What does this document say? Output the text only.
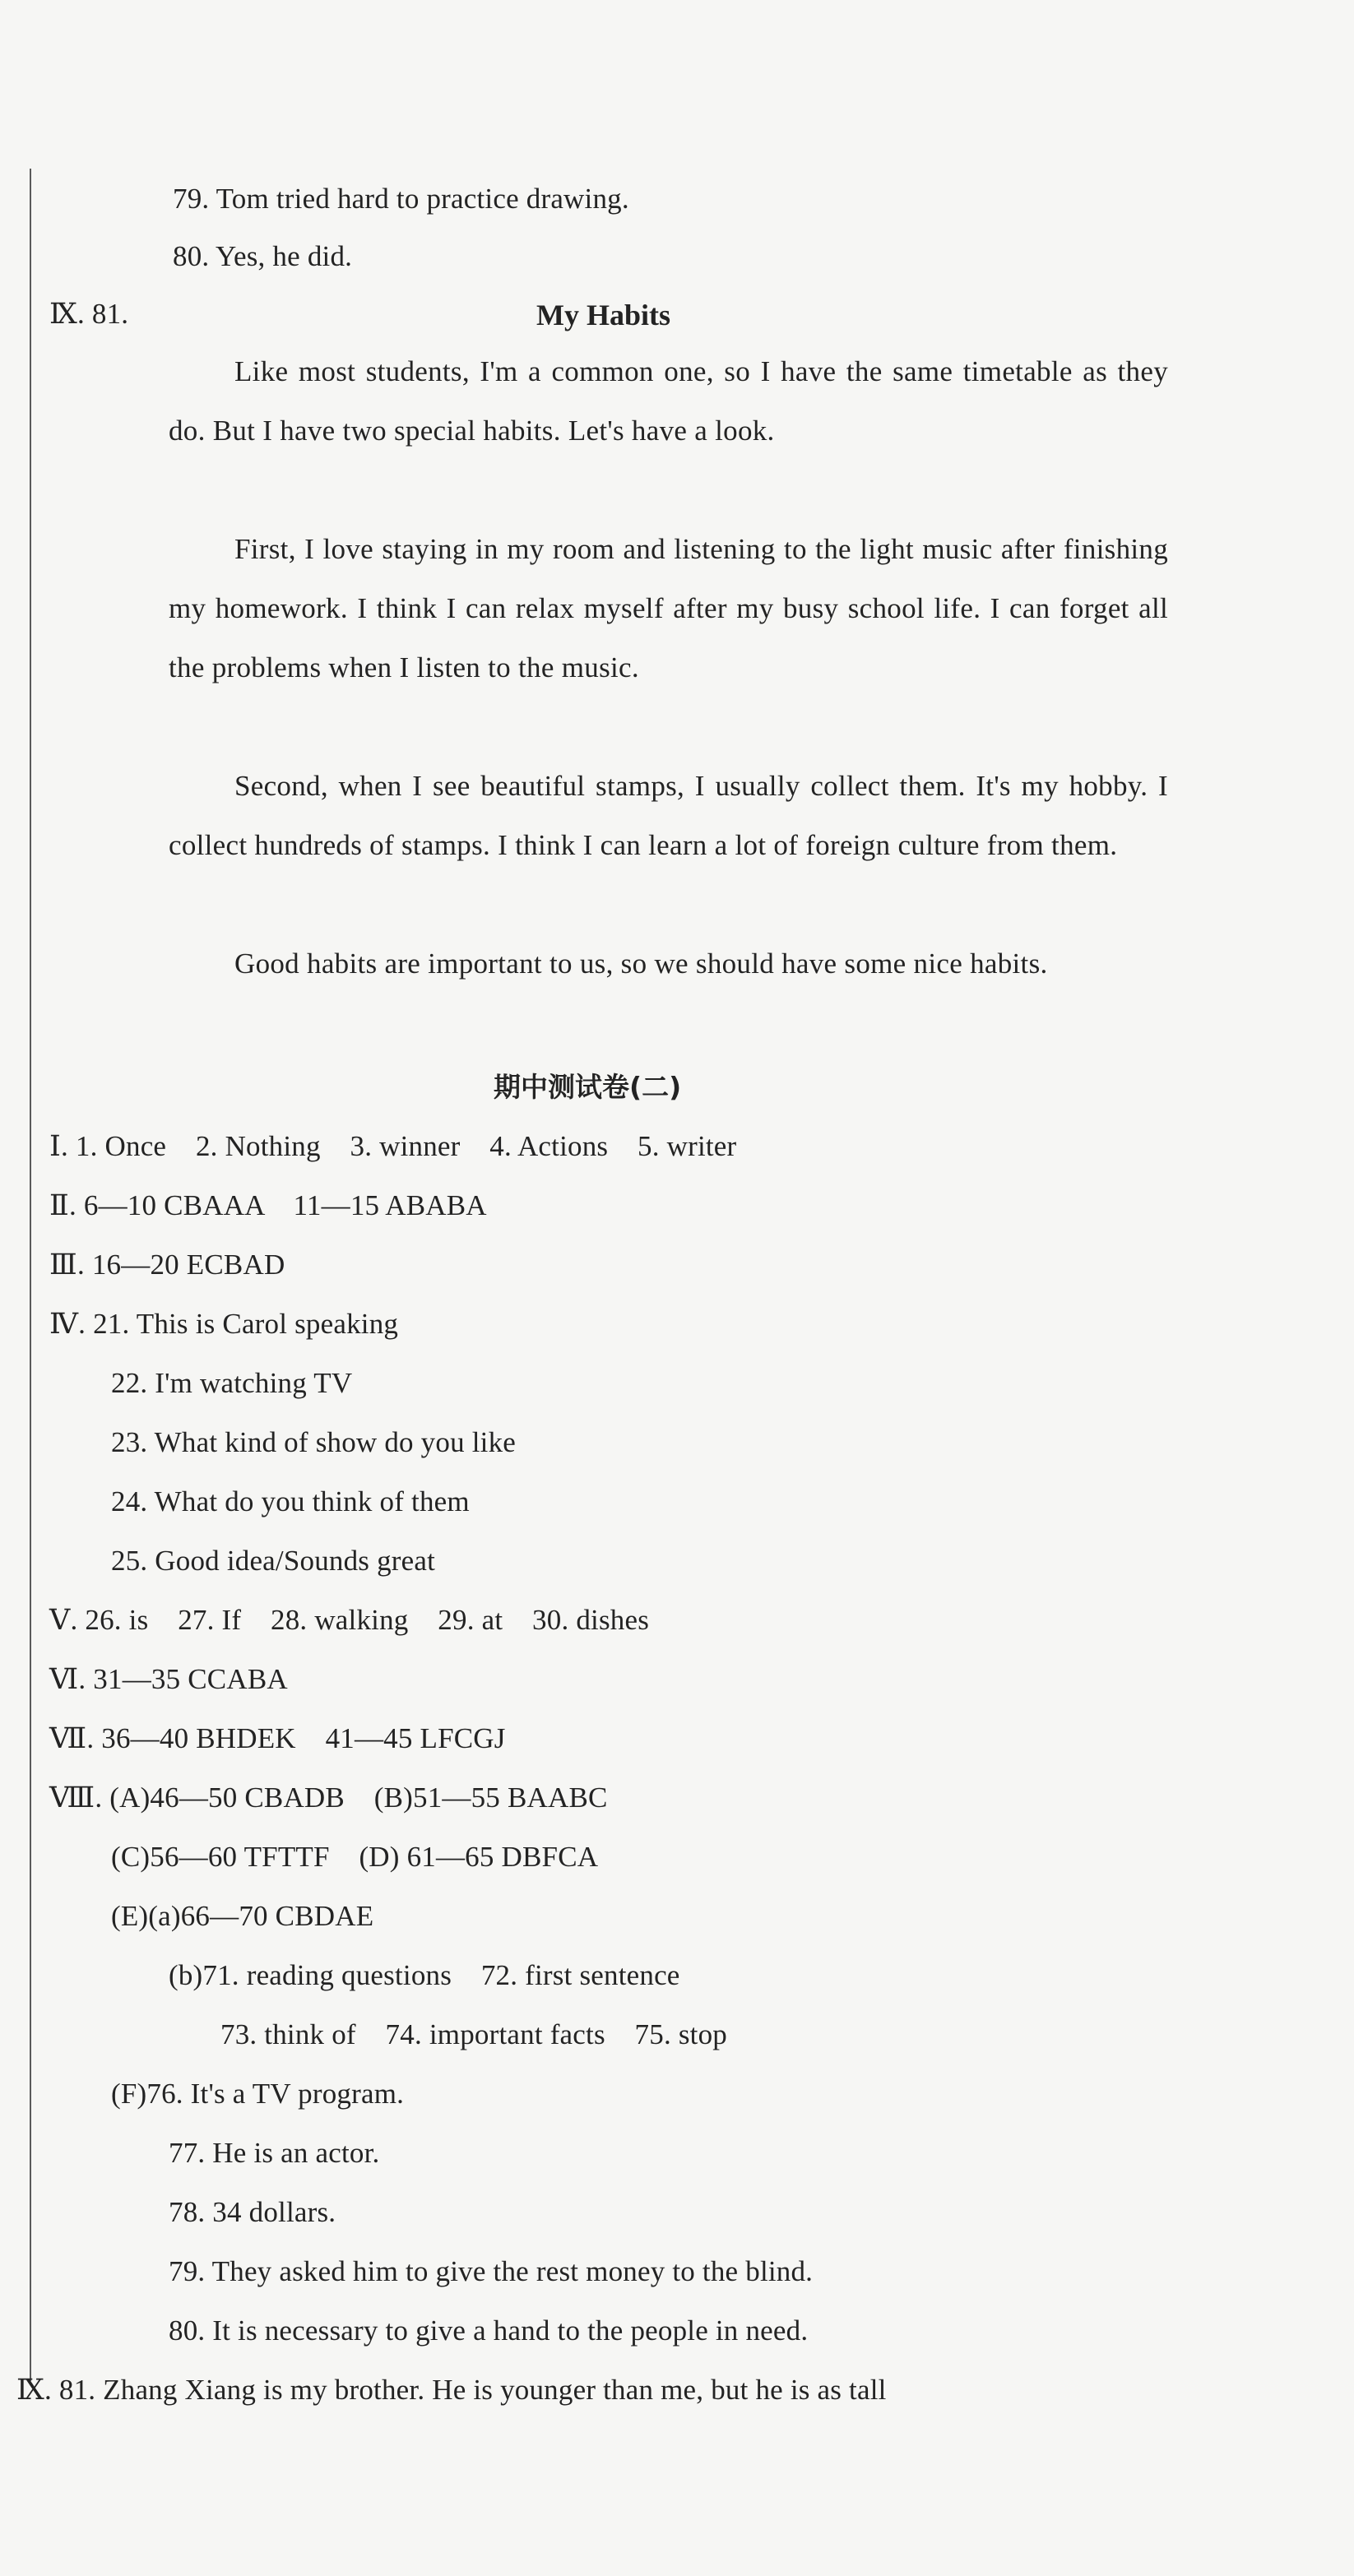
79. Tom tried hard to practice drawing.
80. Yes, he did.
Ⅸ. 81.	My Habits
Like most students, I'm a common one, so I have the same timetable as they do. But I have two special habits. Let's have a look.
First, I love staying in my room and listening to the light music after finishing my homework. I think I can relax myself after my busy school life. I can forget all the problems when I listen to the music.
Second, when I see beautiful stamps, I usually collect them. It's my hobby. I collect hundreds of stamps. I think I can learn a lot of foreign culture from them.
Good habits are important to us, so we should have some nice habits.
期中测试卷(二)
Ⅰ. 1. Once    2. Nothing    3. winner    4. Actions    5. writer
Ⅱ. 6—10 CBAAA    11—15 ABABA
Ⅲ. 16—20 ECBAD
Ⅳ. 21. This is Carol speaking
22. I'm watching TV
23. What kind of show do you like
24. What do you think of them
25. Good idea/Sounds great
Ⅴ. 26. is    27. If    28. walking    29. at    30. dishes
Ⅵ. 31—35 CCABA
Ⅶ. 36—40 BHDEK    41—45 LFCGJ
Ⅷ. (A)46—50 CBADB    (B)51—55 BAABC
(C)56—60 TFTTF    (D) 61—65 DBFCA
(E)(a)66—70 CBDAE
(b)71. reading questions    72. first sentence
73. think of    74. important facts    75. stop
(F)76. It's a TV program.
77. He is an actor.
78. 34 dollars.
79. They asked him to give the rest money to the blind.
80. It is necessary to give a hand to the people in need.
Ⅸ. 81. Zhang Xiang is my brother. He is younger than me, but he is as tall
